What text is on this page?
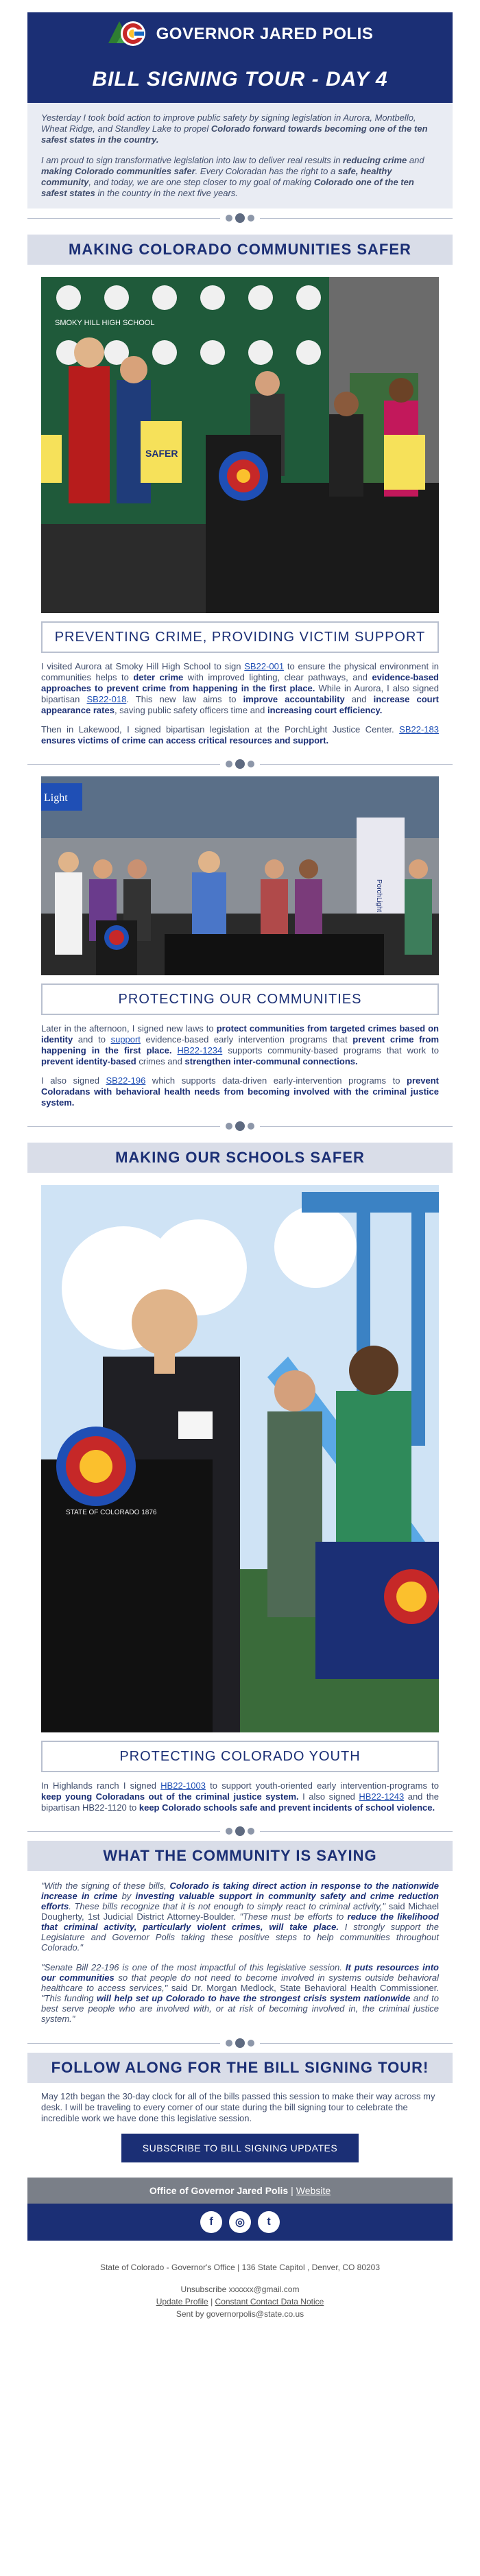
GOVERNOR JARED POLIS
BILL SIGNING TOUR - DAY 4

Yesterday I took bold action to improve public safety by signing legislation in Aurora, Montbello, Wheat Ridge, and Standley Lake to propel Colorado forward towards becoming one of the ten safest states in the country.

I am proud to sign transformative legislation into law to deliver real results in reducing crime and making Colorado communities safer. Every Coloradan has the right to a safe, healthy community, and today, we are one step closer to my goal of making Colorado one of the ten safest states in the country in the next five years.

MAKING COLORADO COMMUNITIES SAFER
SMOKY HILL HIGH SCHOOL
SAFER
PREVENTING CRIME, PROVIDING VICTIM SUPPORT

I visited Aurora at Smoky Hill High School to sign SB22-001 to ensure the physical environment in communities helps to deter crime with improved lighting, clear pathways, and evidence-based approaches to prevent crime from happening in the first place. While in Aurora, I also signed bipartisan SB22-018. This new law aims to improve accountability and increase court appearance rates, saving public safety officers time and increasing court efficiency.

Then in Lakewood, I signed bipartisan legislation at the PorchLight Justice Center. SB22-183 ensures victims of crime can access critical resources and support.

Light
PorchLight
PROTECTING OUR COMMUNITIES

Later in the afternoon, I signed new laws to protect communities from targeted crimes based on identity and to support evidence-based early intervention programs that prevent crime from happening in the first place. HB22-1234 supports community-based programs that work to prevent identity-based crimes and strengthen inter-communal connections.

I also signed SB22-196 which supports data-driven early-intervention programs to prevent Coloradans with behavioral health needs from becoming involved with the criminal justice system.

MAKING OUR SCHOOLS SAFER
STATE OF COLORADO 1876
PROTECTING COLORADO YOUTH

In Highlands ranch I signed HB22-1003 to support youth-oriented early intervention-programs to keep young Coloradans out of the criminal justice system. I also signed HB22-1243 and the bipartisan HB22-1120 to keep Colorado schools safe and prevent incidents of school violence.

WHAT THE COMMUNITY IS SAYING

"With the signing of these bills, Colorado is taking direct action in response to the nationwide increase in crime by investing valuable support in community safety and crime reduction efforts. These bills recognize that it is not enough to simply react to criminal activity," said Michael Dougherty, 1st Judicial District Attorney-Boulder. "These must be efforts to reduce the likelihood that criminal activity, particularly violent crimes, will take place. I strongly support the Legislature and Governor Polis taking these positive steps to help communities throughout Colorado."

"Senate Bill 22-196 is one of the most impactful of this legislative session. It puts resources into our communities so that people do not need to become involved in systems outside behavioral healthcare to access services," said Dr. Morgan Medlock, State Behavioral Health Commissioner. "This funding will help set up Colorado to have the strongest crisis system nationwide and to best serve people who are involved with, or at risk of becoming involved in, the criminal justice system."

FOLLOW ALONG FOR THE BILL SIGNING TOUR!

May 12th began the 30-day clock for all of the bills passed this session to make their way across my desk. I will be traveling to every corner of our state during the bill signing tour to celebrate the incredible work we have done this legislative session.

SUBSCRIBE TO BILL SIGNING UPDATES
Office of Governor Jared Polis | Website
f	◎	t
State of Colorado - Governor's Office | 136 State Capitol , Denver, CO 80203
Unsubscribe xxxxxx@gmail.com
Update Profile | Constant Contact Data Notice
Sent by governorpolis@state.co.us
